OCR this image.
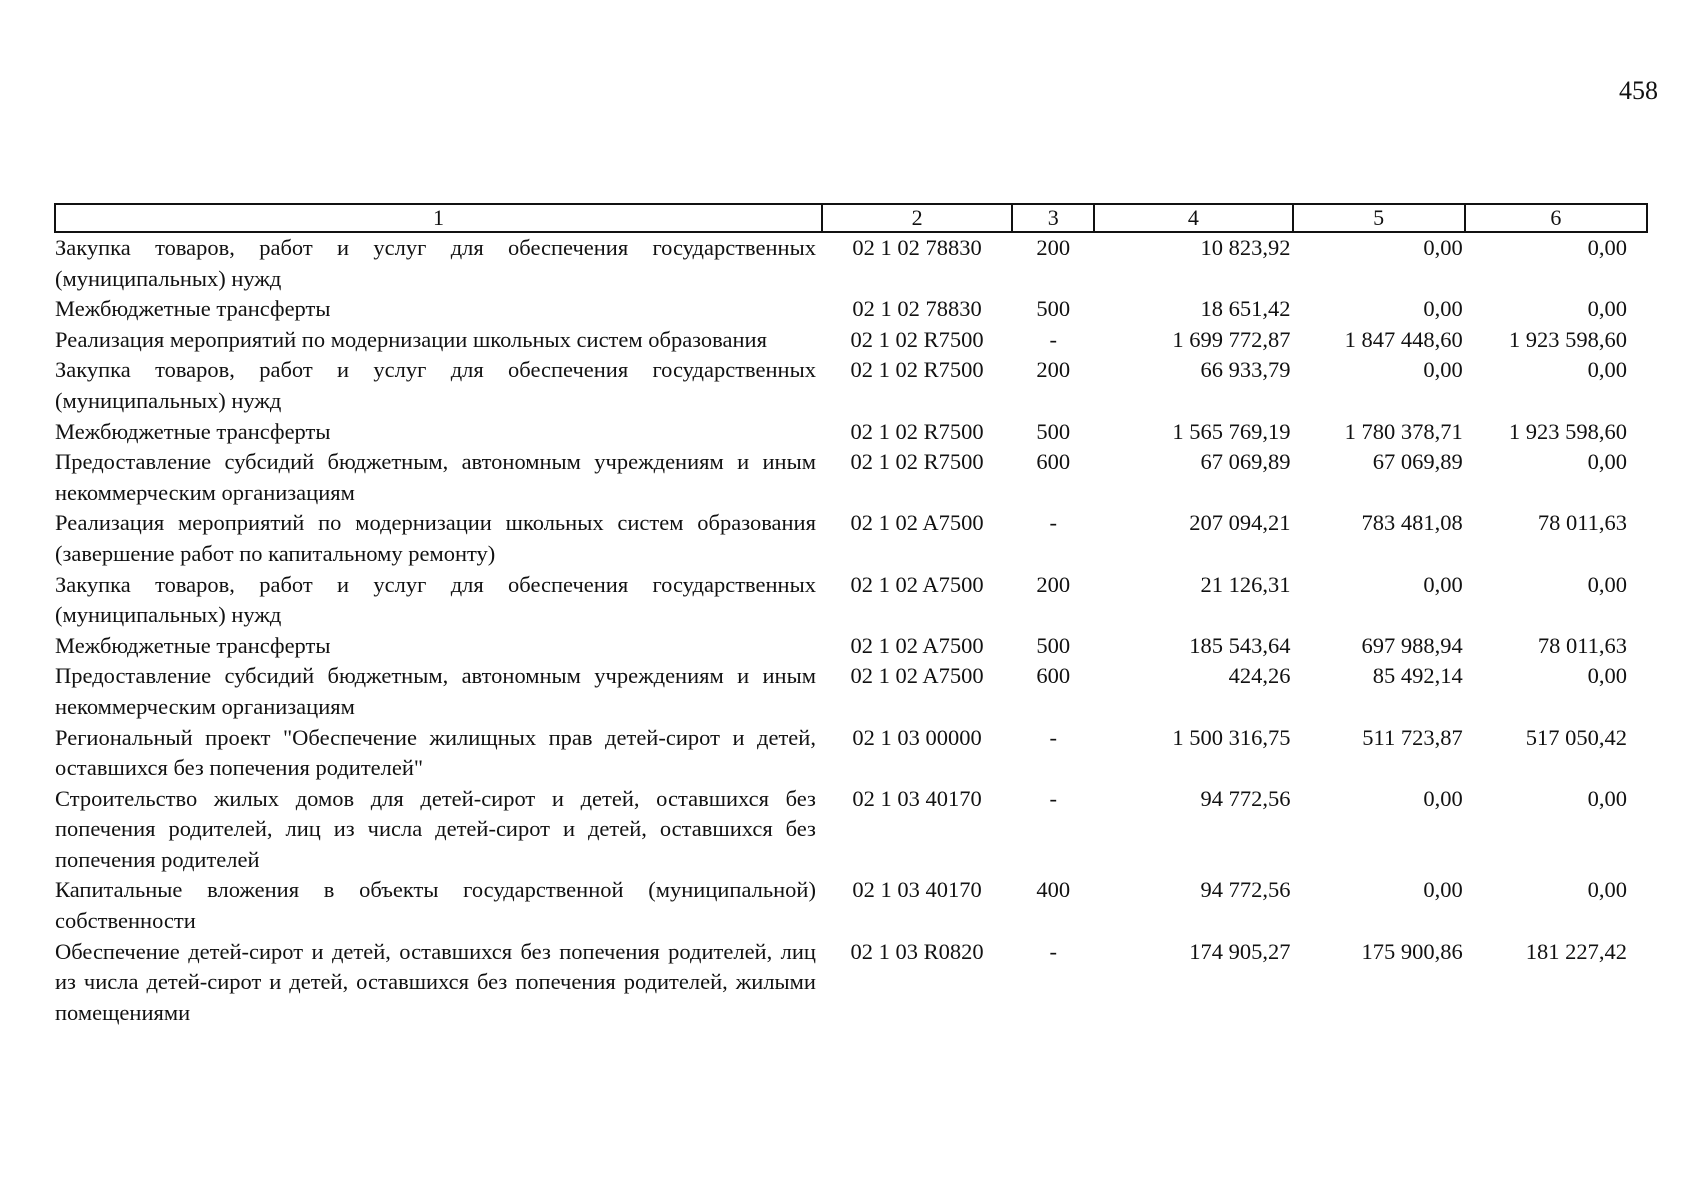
458
1	2	3	4	5	6
Закупка товаров, работ и услуг для обеспечения государственных (муниципальных) нужд	02 1 02 78830	200	10 823,92	0,00	0,00
Межбюджетные трансферты	02 1 02 78830	500	18 651,42	0,00	0,00
Реализация мероприятий по модернизации школьных систем образования	02 1 02 R7500	-	1 699 772,87	1 847 448,60	1 923 598,60
Закупка товаров, работ и услуг для обеспечения государственных (муниципальных) нужд	02 1 02 R7500	200	66 933,79	0,00	0,00
Межбюджетные трансферты	02 1 02 R7500	500	1 565 769,19	1 780 378,71	1 923 598,60
Предоставление субсидий бюджетным, автономным учреждениям и иным некоммерческим организациям	02 1 02 R7500	600	67 069,89	67 069,89	0,00
Реализация мероприятий по модернизации школьных систем образования (завершение работ по капитальному ремонту)	02 1 02 A7500	-	207 094,21	783 481,08	78 011,63
Закупка товаров, работ и услуг для обеспечения государственных (муниципальных) нужд	02 1 02 A7500	200	21 126,31	0,00	0,00
Межбюджетные трансферты	02 1 02 A7500	500	185 543,64	697 988,94	78 011,63
Предоставление субсидий бюджетным, автономным учреждениям и иным некоммерческим организациям	02 1 02 A7500	600	424,26	85 492,14	0,00
Региональный проект "Обеспечение жилищных прав детей-сирот и детей, оставшихся без попечения родителей"	02 1 03 00000	-	1 500 316,75	511 723,87	517 050,42
Строительство жилых домов для детей-сирот и детей, оставшихся без попечения родителей, лиц из числа детей-сирот и детей, оставшихся без попечения родителей	02 1 03 40170	-	94 772,56	0,00	0,00
Капитальные вложения в объекты государственной (муниципальной) собственности	02 1 03 40170	400	94 772,56	0,00	0,00
Обеспечение детей-сирот и детей, оставшихся без попечения родителей, лиц из числа детей-сирот и детей, оставшихся без попечения родителей, жилыми помещениями	02 1 03 R0820	-	174 905,27	175 900,86	181 227,42
